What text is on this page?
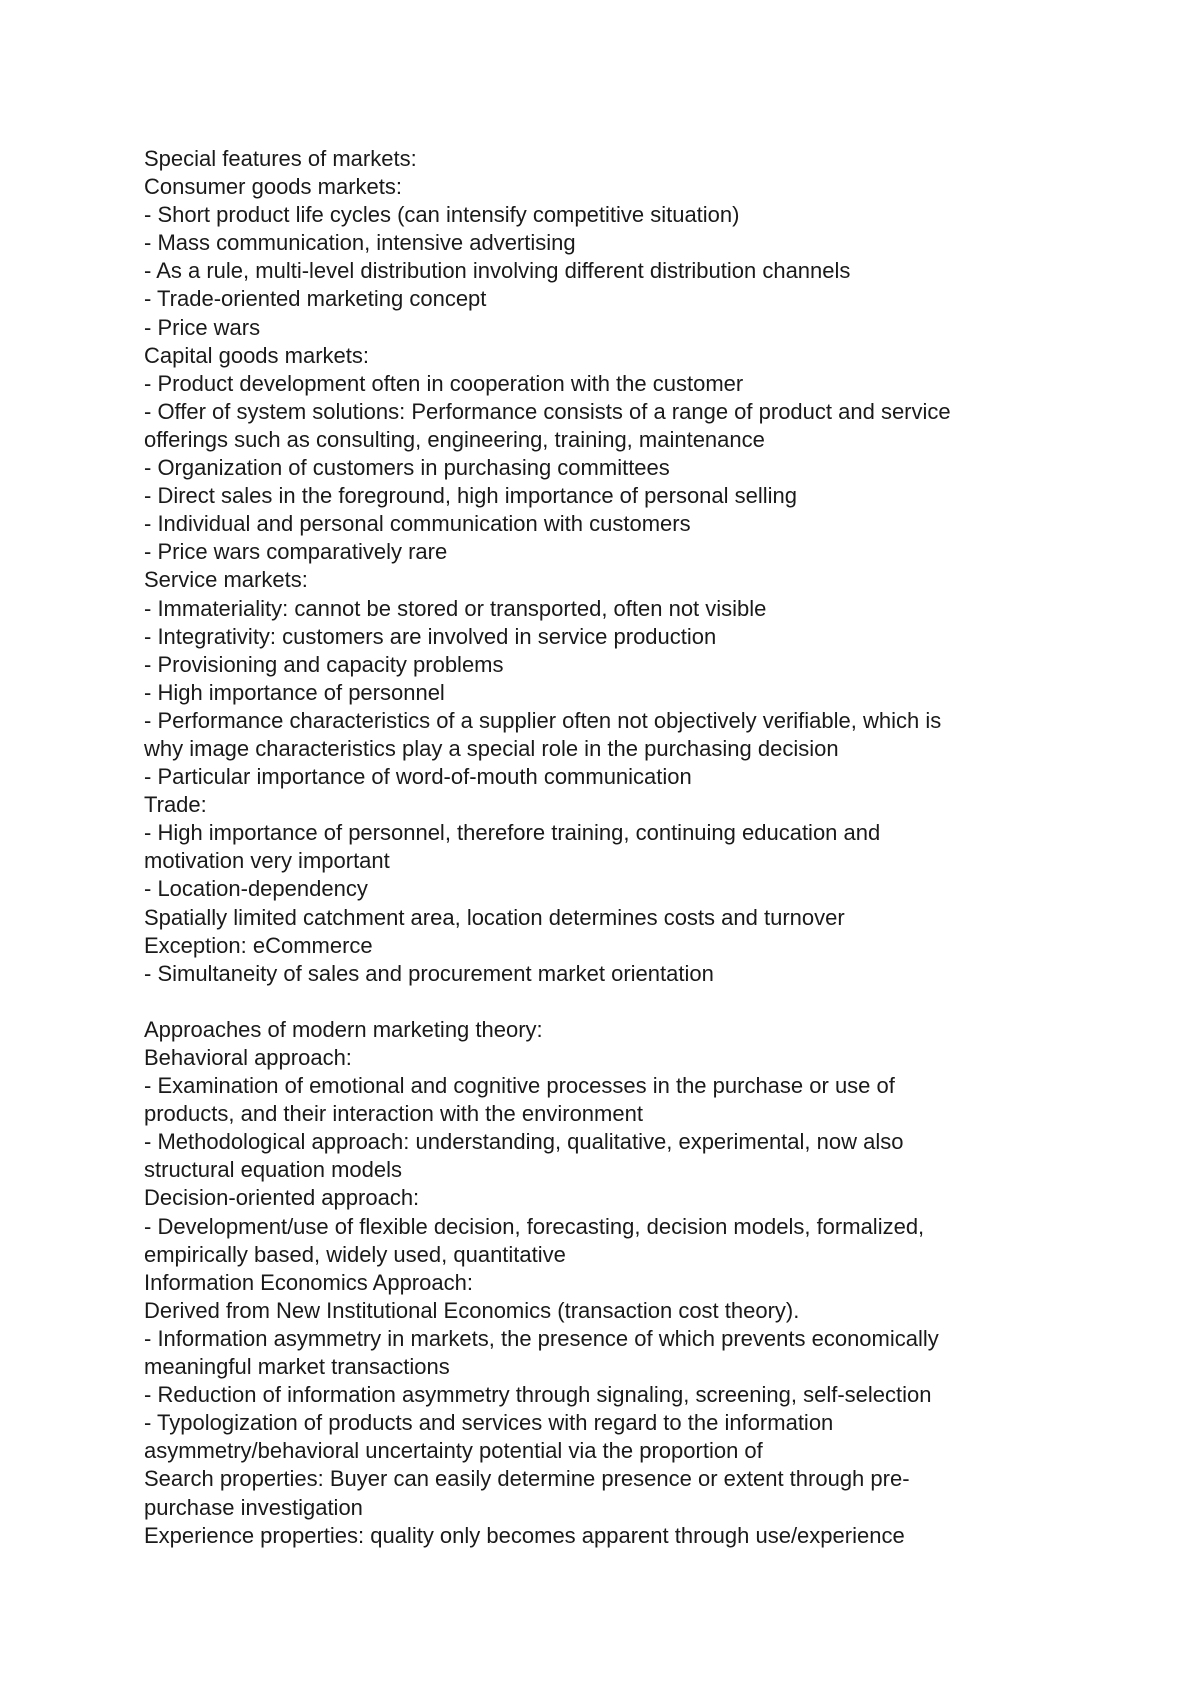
Special features of markets:
Consumer goods markets:
- Short product life cycles (can intensify competitive situation)
- Mass communication, intensive advertising
- As a rule, multi-level distribution involving different distribution channels
- Trade-oriented marketing concept
- Price wars
Capital goods markets:
- Product development often in cooperation with the customer
- Offer of system solutions: Performance consists of a range of product and service
offerings such as consulting, engineering, training, maintenance
- Organization of customers in purchasing committees
- Direct sales in the foreground, high importance of personal selling
- Individual and personal communication with customers
- Price wars comparatively rare
Service markets:
- Immateriality: cannot be stored or transported, often not visible
- Integrativity: customers are involved in service production
- Provisioning and capacity problems
- High importance of personnel
- Performance characteristics of a supplier often not objectively verifiable, which is
why image characteristics play a special role in the purchasing decision
- Particular importance of word-of-mouth communication
Trade:
- High importance of personnel, therefore training, continuing education and
motivation very important
- Location-dependency
Spatially limited catchment area, location determines costs and turnover
Exception: eCommerce
- Simultaneity of sales and procurement market orientation
Approaches of modern marketing theory:
Behavioral approach:
- Examination of emotional and cognitive processes in the purchase or use of
products, and their interaction with the environment
- Methodological approach: understanding, qualitative, experimental, now also
structural equation models
Decision-oriented approach:
- Development/use of flexible decision, forecasting, decision models, formalized,
empirically based, widely used, quantitative
Information Economics Approach:
Derived from New Institutional Economics (transaction cost theory).
- Information asymmetry in markets, the presence of which prevents economically
meaningful market transactions
- Reduction of information asymmetry through signaling, screening, self-selection
- Typologization of products and services with regard to the information
asymmetry/behavioral uncertainty potential via the proportion of
Search properties: Buyer can easily determine presence or extent through pre-
purchase investigation
Experience properties: quality only becomes apparent through use/experience
